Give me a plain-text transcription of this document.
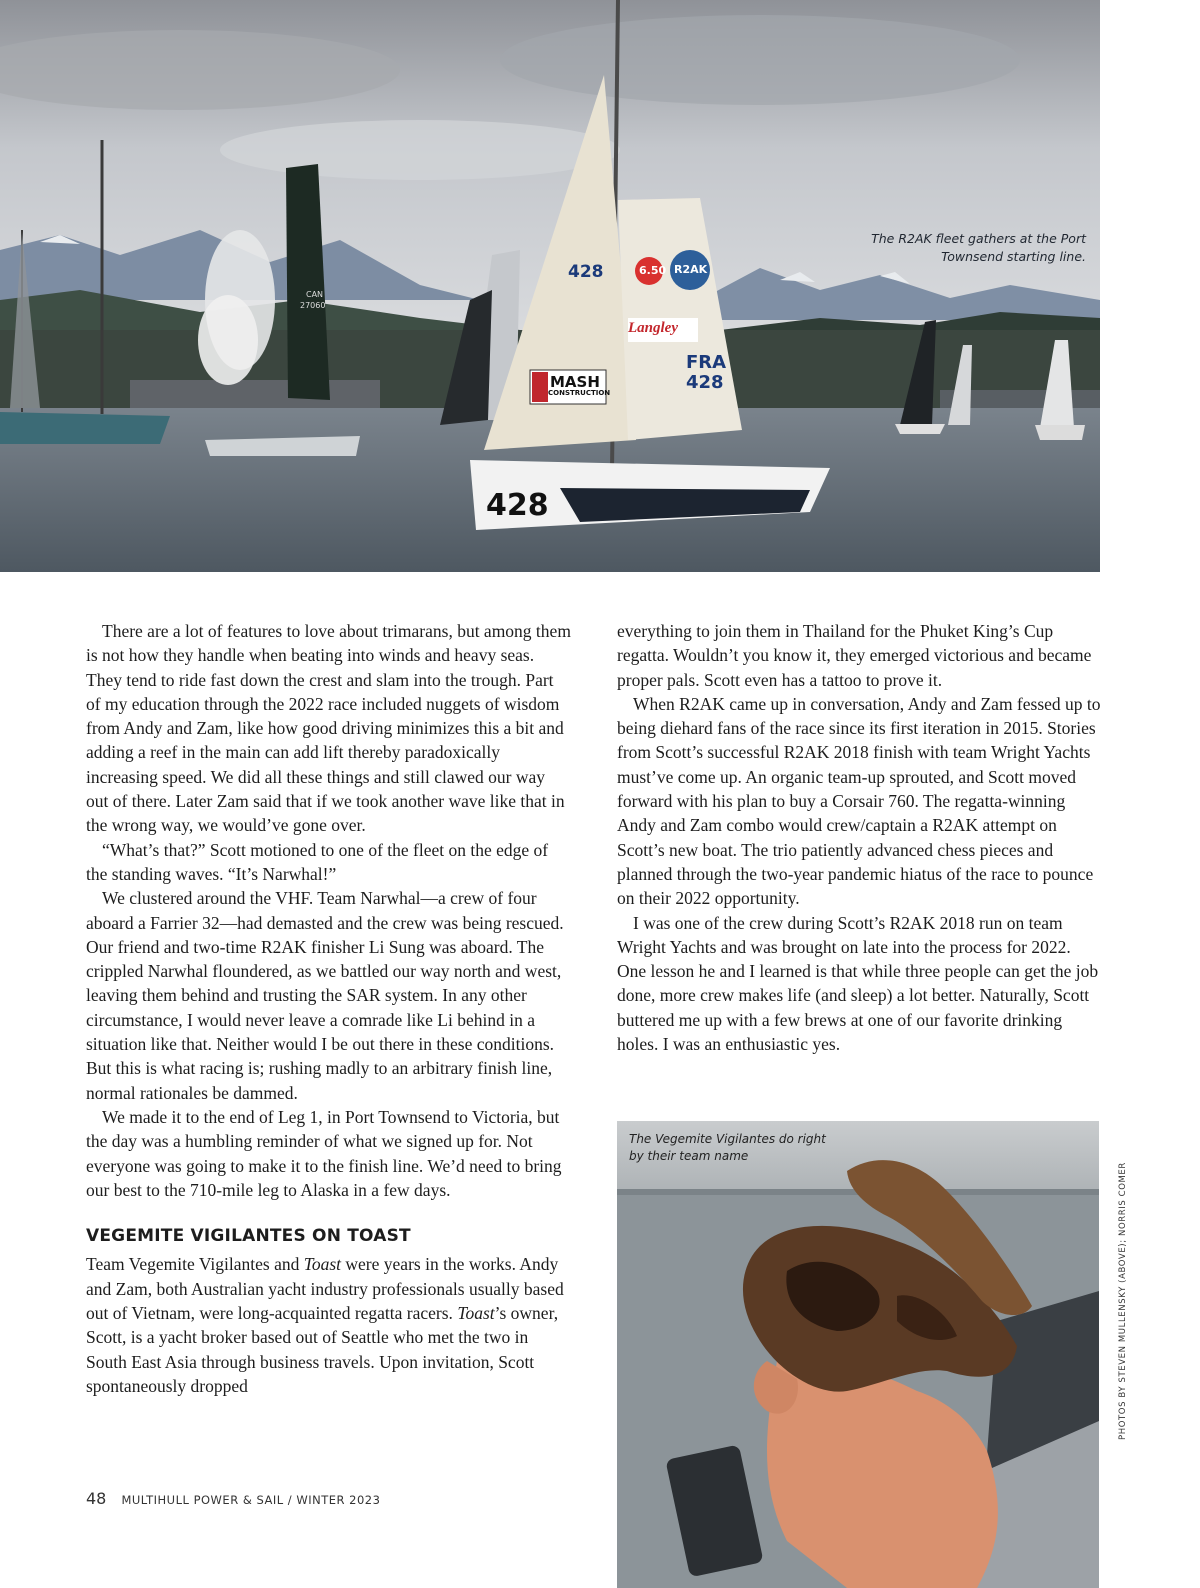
428
428
FRA
428
MASH
CONSTRUCTION
Langley
6.50 R2AK
CAN
27060
The R2AK fleet gathers at the Port Townsend starting line.

There are a lot of features to love about trimarans, but among them is not how they handle when beating into winds and heavy seas. They tend to ride fast down the crest and slam into the trough. Part of my education through the 2022 race included nuggets of wisdom from Andy and Zam, like how good driving minimizes this a bit and adding a reef in the main can add lift thereby paradoxically increasing speed. We did all these things and still clawed our way out of there. Later Zam said that if we took another wave like that in the wrong way, we would’ve gone over.

“What’s that?” Scott motioned to one of the fleet on the edge of the standing waves. “It’s Narwhal!”

We clustered around the VHF. Team Narwhal—a crew of four aboard a Farrier 32—had demasted and the crew was being rescued. Our friend and two-time R2AK finisher Li Sung was aboard. The crippled Narwhal floundered, as we battled our way north and west, leaving them behind and trusting the SAR system. In any other circumstance, I would never leave a comrade like Li behind in a situation like that. Neither would I be out there in these conditions. But this is what racing is; rushing madly to an arbitrary finish line, normal rationales be dammed.

We made it to the end of Leg 1, in Port Townsend to Victoria, but the day was a humbling reminder of what we signed up for. Not everyone was going to make it to the finish line. We’d need to bring our best to the 710-mile leg to Alaska in a few days.

VEGEMITE VIGILANTES ON TOAST

Team Vegemite Vigilantes and Toast were years in the works. Andy and Zam, both Australian yacht industry professionals usually based out of Vietnam, were long-acquainted regatta racers. Toast’s owner, Scott, is a yacht broker based out of Seattle who met the two in South East Asia through business travels. Upon invitation, Scott spontaneously dropped

everything to join them in Thailand for the Phuket King’s Cup regatta. Wouldn’t you know it, they emerged victorious and became proper pals. Scott even has a tattoo to prove it.

When R2AK came up in conversation, Andy and Zam fessed up to being diehard fans of the race since its first iteration in 2015. Stories from Scott’s successful R2AK 2018 finish with team Wright Yachts must’ve come up. An organic team-up sprouted, and Scott moved forward with his plan to buy a Corsair 760. The regatta-winning Andy and Zam combo would crew/captain a R2AK attempt on Scott’s new boat. The trio patiently advanced chess pieces and planned through the two-year pandemic hiatus of the race to pounce on their 2022 opportunity.

I was one of the crew during Scott’s R2AK 2018 run on team Wright Yachts and was brought on late into the process for 2022. One lesson he and I learned is that while three people can get the job done, more crew makes life (and sleep) a lot better. Naturally, Scott buttered me up with a few brews at one of our favorite drinking holes. I was an enthusiastic yes.

The Vegemite Vigilantes do right by their team name
PHOTOS BY STEVEN MULLENSKY (ABOVE); NORRIS COMER
48 MULTIHULL POWER & SAIL / WINTER 2023
